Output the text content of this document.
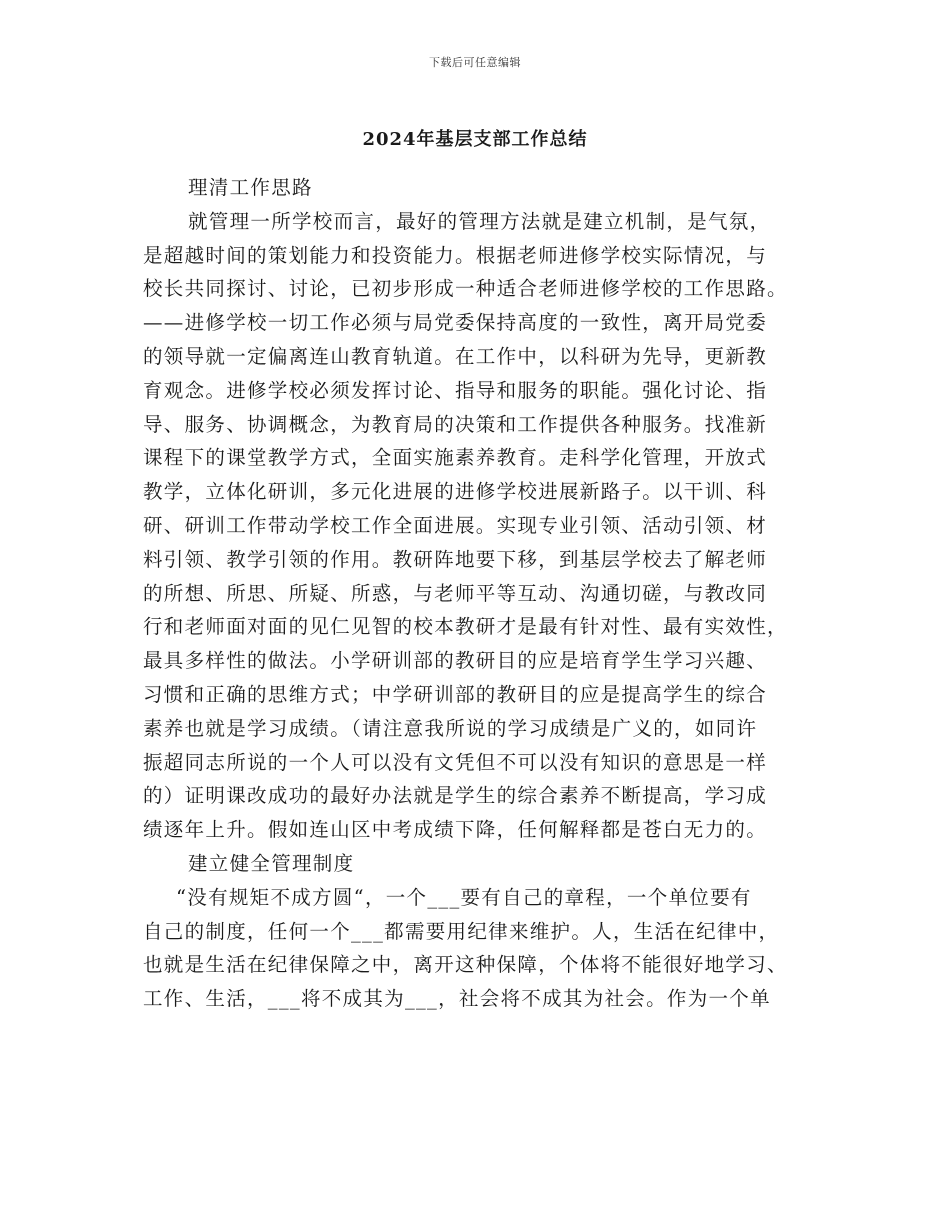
下载后可任意编辑
2024年基层支部工作总结
理清工作思路
就管理一所学校而言，最好的管理方法就是建立机制，是气氛，
是超越时间的策划能力和投资能力。根据老师进修学校实际情况，与
校长共同探讨、讨论，已初步形成一种适合老师进修学校的工作思路。
——进修学校一切工作必须与局党委保持高度的一致性，离开局党委
的领导就一定偏离连山教育轨道。在工作中，以科研为先导，更新教
育观念。进修学校必须发挥讨论、指导和服务的职能。强化讨论、指
导、服务、协调概念，为教育局的决策和工作提供各种服务。找准新
课程下的课堂教学方式，全面实施素养教育。走科学化管理，开放式
教学，立体化研训，多元化进展的进修学校进展新路子。以干训、科
研、研训工作带动学校工作全面进展。实现专业引领、活动引领、材
料引领、教学引领的作用。教研阵地要下移，到基层学校去了解老师
的所想、所思、所疑、所惑，与老师平等互动、沟通切磋，与教改同
行和老师面对面的见仁见智的校本教研才是最有针对性、最有实效性，
最具多样性的做法。小学研训部的教研目的应是培育学生学习兴趣、
习惯和正确的思维方式；中学研训部的教研目的应是提高学生的综合
素养也就是学习成绩。（请注意我所说的学习成绩是广义的，如同许
振超同志所说的一个人可以没有文凭但不可以没有知识的意思是一样
的）证明课改成功的最好办法就是学生的综合素养不断提高，学习成
绩逐年上升。假如连山区中考成绩下降，任何解释都是苍白无力的。
建立健全管理制度
“没有规矩不成方圆“，一个___要有自己的章程，一个单位要有
自己的制度，任何一个___都需要用纪律来维护。人，生活在纪律中，
也就是生活在纪律保障之中，离开这种保障，个体将不能很好地学习、
工作、生活，___将不成其为___，社会将不成其为社会。作为一个单
